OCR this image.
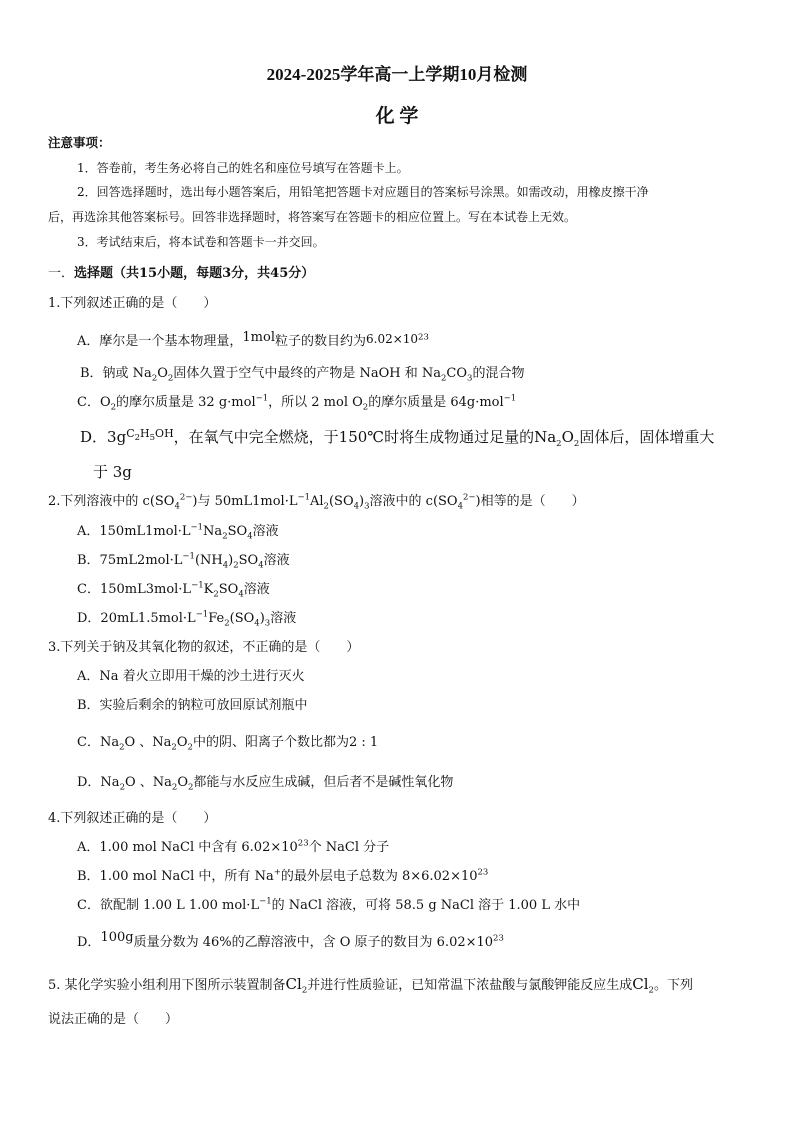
2024-2025学年高一上学期10月检测
化 学
注意事项：
1．答卷前，考生务必将自己的姓名和座位号填写在答题卡上。
2．回答选择题时，选出每小题答案后，用铅笔把答题卡对应题目的答案标号涂黑。如需改动，用橡皮擦干净
后，再选涂其他答案标号。回答非选择题时，将答案写在答题卡的相应位置上。写在本试卷上无效。
3．考试结束后，将本试卷和答题卡一并交回。
一．选择题（共15小题，每题3分，共45分）
1.下列叙述正确的是（　　）
A．摩尔是一个基本物理量，1mol粒子的数目约为$6.02\times 10^{23}$
B．钠或 $Na_2O_2$固体久置于空气中最终的产物是 NaOH 和 $Na_2CO_3$的混合物
C．$O_2$的摩尔质量是 32 g·mol$^{-1}$，所以 2 mol $O_2$的摩尔质量是 64g·mol$^{-1}$
D．$3g^{C_2H_5OH}$，在氧气中完全燃烧，于150℃时将生成物通过足量的$Na_2O_2$固体后，固体增重大
于 3g
2.下列溶液中的 $c(SO_4^{2-})$与 $50mL1mol\cdot L^{-1}Al_2(SO_4)_3$溶液中的 $c(SO_4^{2-})$相等的是（　　）
A．$150mL1mol\cdot L^{-1}Na_2SO_4$溶液
B．$75mL2mol\cdot L^{-1}(NH_4)_2SO_4$溶液
C．$150mL3mol\cdot L^{-1}K_2SO_4$溶液
D．$20mL1.5mol\cdot L^{-1}Fe_2(SO_4)_3$溶液
3.下列关于钠及其氧化物的叙述，不正确的是（　　）
A．Na 着火立即用干燥的沙土进行灭火
B．实验后剩余的钠粒可放回原试剂瓶中
C．$Na_2O$ 、$Na_2O_2$中的阴、阳离子个数比都为2 : 1
D．$Na_2O$ 、$Na_2O_2$都能与水反应生成碱，但后者不是碱性氧化物
4.下列叙述正确的是（　　）
A．1.00 mol NaCl 中含有 $6.02\times 10^{23}$个 NaCl 分子
B．1.00 mol NaCl 中，所有 Na+的最外层电子总数为 $8\times 6.02\times 10^{23}$
C．欲配制 1.00 L 1.00 $mol\cdot L^{-1}$的 NaCl 溶液，可将 58.5 g NaCl 溶于 1.00 L 水中
D．100g质量分数为 46%的乙醇溶液中，含 O 原子的数目为 $6.02\times 10^{23}$
5. 某化学实验小组利用下图所示装置制备$Cl_2$并进行性质验证，已知常温下浓盐酸与氯酸钾能反应生成$Cl_2$。下列
说法正确的是（　　）
